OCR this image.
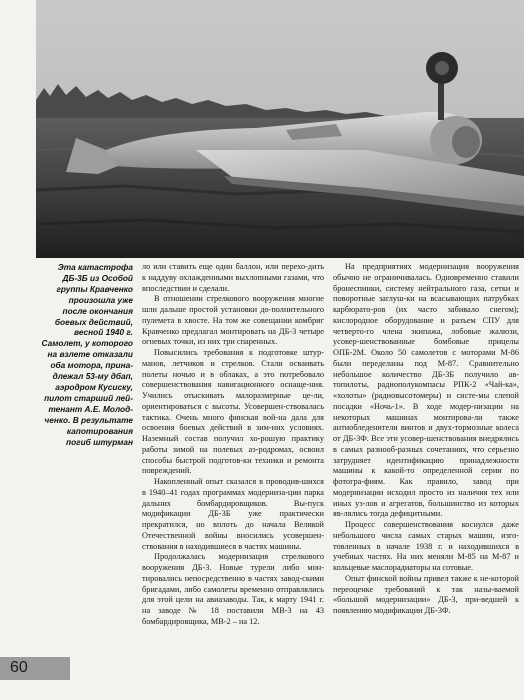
Эта катастрофа
ДБ-3Б из Особой
группы Кравченко
произошла уже
после окончания
боевых действий,
весной 1940 г.
Самолет, у которого
на взлете отказали
оба мотора, прина-
длежал 53-му дбап,
аэродром Кусиску,
пилот старший лей-
тенант А.Е. Молод-
ченко. В результате
капотирования
погиб штурман

ло или ставить еще один баллон, или перехо-дить к наддуву охлажденными выхлопными газами, что впоследствии и сделали.

В отношении стрелкового вооружения многие шли дальше простой установки до-полнительного пулемета в хвосте. На том же совещании комбриг Кравченко предлагал монтировать на ДБ-3 четыре огневых точки, из них три спаренных.

Повысились требования к подготовке штур-манов, летчиков и стрелков. Стали осваивать полеты ночью и в облаках, а это потребовало совершенствования навигационного оснаще-ния. Учились отыскивать малоразмерные це-ли, ориентироваться с высоты. Усовершен-ствовалась тактика. Очень много финская вой-на дала для освоения боевых действий в зим-них условиях. Наземный состав получил хо-рошую практику работы зимой на полевых аэ-родромах, освоил способы быстрой подготов-ки техники и ремонта повреждений.

Накопленный опыт сказался в проводив-шихся в 1940–41 годах программах модерниза-ции парка дальних бомбардировщиков. Вы-пуск модификации ДБ-3Б уже практически прекратился, но вплоть до начала Великой Отечественной войны вносились усовершен-ствования в находившиеся в частях машины.

Продолжалась модернизация стрелкового вооружения ДБ-3. Новые турели либо мон-тировались непосредственно в частях завод-скими бригадами, либо самолеты временно отправлялись для этой цели на авиазаводы. Так, к марту 1941 г. на заводе № 18 поставили МВ-3 на 43 бомбардировщика, МВ-2 – на 12.

На предприятиях модернизация вооружения обычно не ограничивалась. Одновременно ставили бронеспинки, систему нейтрального газа, сетки и поворотные заглуш-ки на всасывающих патрубках карбюрато-ров (их часто забивало снегом); кислородное оборудование и разъем СПУ для четверто-го члена экипажа, лобовые жалюзи, усовер-шенствованные бомбовые прицелы ОПБ-2М. Около 50 самолетов с моторами М-86 были переделаны под М-87. Сравнительно небольшое количество ДБ-3Б получило ав-топилоты, радиополукомпасы РПК-2 «Чай-ка», «холоты» (радиовысотомеры) и систе-мы слепой посадки «Ночь-1». В ходе модер-низации на некоторых машинах монтирова-ли также антиобледенители винтов и двух-тормозные колеса от ДБ-3Ф. Все эти усовер-шенствования внедрялись в самых разнооб-разных сочетаниях, что серьезно затрудняет идентификацию принадлежности машины к какой-то определенной серии по фотогра-фиям. Как правило, завод при модернизации исходил просто из наличия тех или иных уз-лов и агрегатов, большинство из которых яв-лялись тогда дефицитными.

Процесс совершенствования коснулся даже небольшого числа самых старых машин, изго-товленных в начале 1938 г. и находившихся в учебных частях. На них меняли М-85 на М-87 и кольцевые маслорадиаторы на сотовые.

Опыт финской войны привел также к не-которой переоценке требований к так назы-ваемой «большой модернизации» ДБ-3, при-ведшей к появлению модификации ДБ-3Ф.

60
